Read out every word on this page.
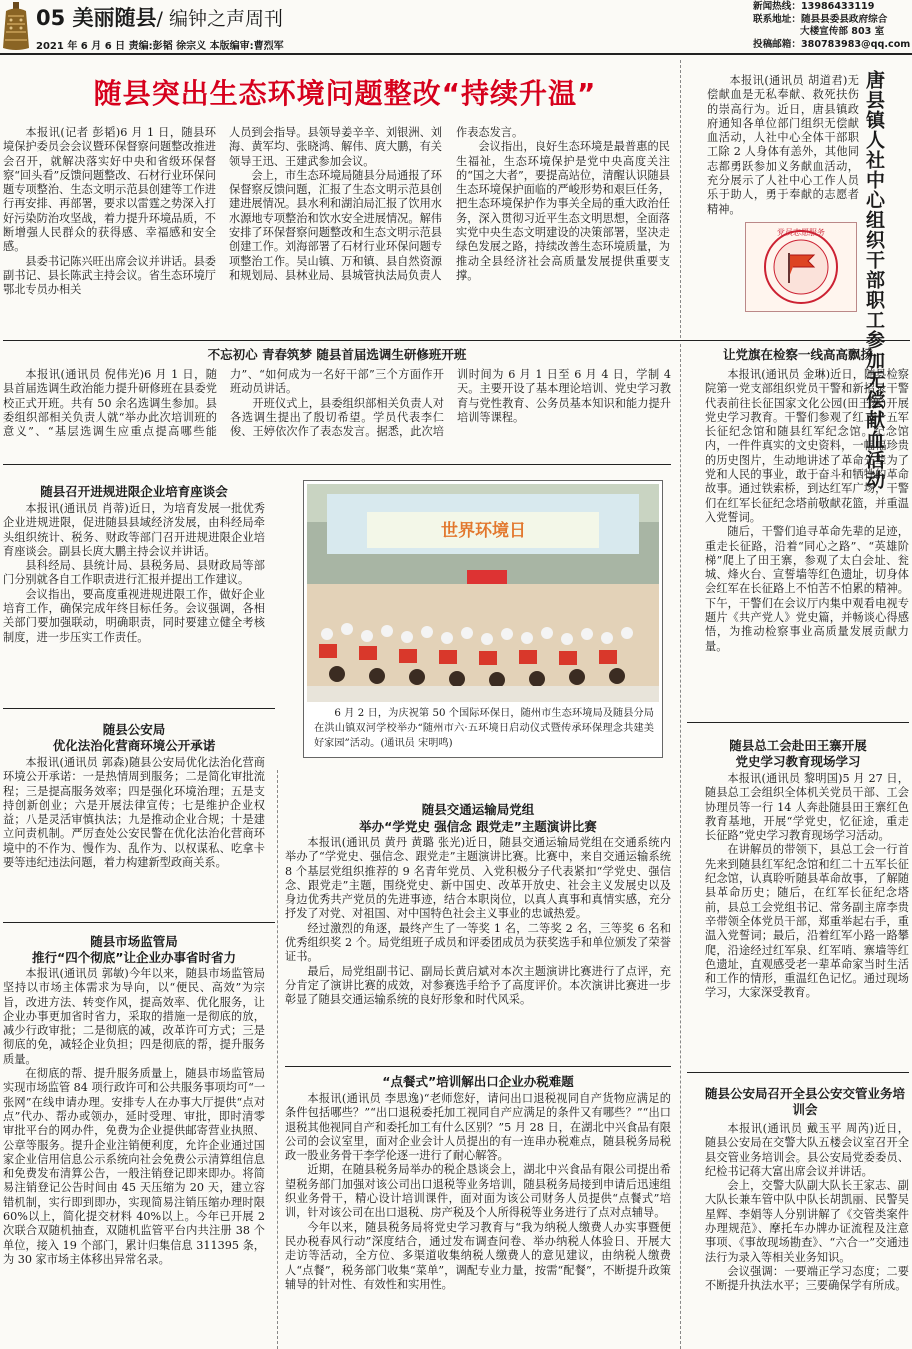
05 美丽随县/ 编钟之声周刊
2021 年 6 月 6 日 责编:彭韬 徐宗义 本版编审:曹烈军
新闻热线：13986433119
联系地址：随县县委县政府综合
大楼宣传部 803 室
投稿邮箱：380783983@qq.com
随县突出生态环境问题整改“持续升温”

本报讯(记者 彭韬)6 月 1 日，随县环境保护委员会会议暨环保督察问题整改推进会召开，就解决落实好中央和省级环保督察“回头看”反馈问题整改、石材行业环保问题专项整治、生态文明示范县创建等工作进行再安排、再部署，要求以雷霆之势深入打好污染防治攻坚战，着力提升环境品质，不断增强人民群众的获得感、幸福感和安全感。

县委书记陈兴旺出席会议并讲话。县委副书记、县长陈武主持会议。省生态环境厅鄂北专员办相关

人员到会指导。县领导姜辛辛、刘银洲、刘海、黄军均、张晓鸿、解伟、庹大鹏，有关领导王迅、王建武参加会议。

会上，市生态环境局随县分局通报了环保督察反馈问题，汇报了生态文明示范县创建进展情况。县水利和湖泊局汇报了饮用水水源地专项整治和饮水安全进展情况。解伟安排了环保督察问题整改和生态文明示范县创建工作。刘海部署了石材行业环保问题专项整治工作。吴山镇、万和镇、县自然资源和规划局、县林业局、县城管执法局负责人

作表态发言。

会议指出，良好生态环境是最普惠的民生福祉，生态环境保护是党中央高度关注的“国之大者”，要提高站位，清醒认识随县生态环境保护面临的严峻形势和艰巨任务，把生态环境保护作为事关全局的重大政治任务，深入贯彻习近平生态文明思想，全面落实党中央生态文明建设的决策部署，坚决走绿色发展之路，持续改善生态环境质量，为推动全县经济社会高质量发展提供重要支撑。	唐县镇人社中心组织干部职工参加无偿献血活动

本报讯(通讯员 胡道君)无偿献血是无私奉献、救死扶伤的崇高行为。近日，唐县镇政府通知各单位部门组织无偿献血活动，人社中心全体干部职工除 2 人身体有恙外，其他同志都勇跃参加义务献血活动，充分展示了人社中心工作人员乐于助人，勇于奉献的志愿者精神。

党员志愿服务
不忘初心 青春筑梦 随县首届选调生研修班开班

本报讯(通讯员 倪伟光)6 月 1 日，随县首届选调生政治能力提升研修班在县委党校正式开班。共有 50 余名选调生参加。县委组织部相关负责人就“举办此次培训班的意义”、“基层选调生应重点提高哪些能力”、“如何成为一名好干部”三个方面作开班动员讲话。

开班仪式上，县委组织部相关负责人对各选调生提出了殷切希望。学员代表李仁俊、王婷依次作了表态发言。据悉，此次培训时间为 6 月 1 日至 6 月 4 日，学制 4 天。主要开设了基本理论培训、党史学习教育与党性教育、公务员基本知识和能力提升培训等课程。

让党旗在检察一线高高飘扬

本报讯(通讯员 金琳)近日，随县检察院第一党支部组织党员干警和新招录干警代表前往长征国家文化公园(田王寨)开展党史学习教育。干警们参观了红二十五军长征纪念馆和随县红军纪念馆。纪念馆内，一件件真实的文史资料，一幅幅珍贵的历史图片，生动地讲述了革命先辈为了党和人民的事业，敢于奋斗和牺牲的革命故事。通过铁索桥，到达红军广场，干警们在红军长征纪念塔前敬献花篮，并重温入党誓词。

随后，干警们追寻革命先辈的足迹，重走长征路，沿着“同心之路”、“英雄阶梯”爬上了田王寨，参观了太白会址、瓮城、烽火台、宣誓墙等红色遗址，切身体会红军在长征路上不怕苦不怕累的精神。下午，干警们在会议厅内集中观看电视专题片《共产党人》党史篇，并畅谈心得感悟，为推动检察事业高质量发展贡献力量。

随县召开进规进限企业培育座谈会

本报讯(通讯员 肖蒂)近日，为培育发展一批优秀企业进规进限，促进随县县域经济发展，由科经局牵头组织统计、税务、财政等部门召开进规进限企业培育座谈会。副县长庹大鹏主持会议并讲话。

县科经局、县统计局、县税务局、县财政局等部门分别就各自工作职责进行汇报并提出工作建议。

会议指出，要高度重视进规进限工作，做好企业培育工作，确保完成年终目标任务。会议强调，各相关部门要加强联动，明确职责，同时要建立健全考核制度，进一步压实工作责任。

世界环境日
6 月 2 日，为庆祝第 50 个国际环保日，随州市生态环境局及随县分局在洪山镇双河学校举办“随州市六·五环境日启动仪式暨传承环保理念共建美好家园”活动。(通讯员 宋明鸣)
随县公安局
优化法治化营商环境公开承诺

本报讯(通讯员 郭森)随县公安局优化法治化营商环境公开承诺：一是热情周到服务；二是简化审批流程；三是提高服务效率；四是强化环境治理；五是支持创新创业；六是开展法律宣传；七是维护企业权益；八是灵活审慎执法；九是推动企业合规；十是建立问责机制。严厉查处公安民警在优化法治化营商环境中的不作为、慢作为、乱作为、以权谋私、吃拿卡要等违纪违法问题，着力构建新型政商关系。

随县市场监管局
推行“四个彻底”让企业办事省时省力

本报讯(通讯员 郭敏)今年以来，随县市场监管局坚持以市场主体需求为导向，以“便民、高效”为宗旨，改进方法、转变作风，提高效率、优化服务，让企业办事更加省时省力，采取的措施一是彻底的放，减少行政审批；二是彻底的减，改革许可方式；三是彻底的免，减轻企业负担；四是彻底的帮，提升服务质量。

在彻底的帮、提升服务质量上，随县市场监管局实现市场监管 84 项行政许可和公共服务事项均可“一张网”在线申请办理。安排专人在办事大厅提供“点对点”代办、帮办或领办，延时受理、审批，即时清零审批平台的网办件，免费为企业提供邮寄营业执照、公章等服务。提升企业注销便利度，允许企业通过国家企业信用信息公示系统向社会免费公示清算组信息和免费发布清算公告，一般注销登记即来即办。将简易注销登记公告时间由 45 天压缩为 20 天，建立容错机制，实行即到即办，实现简易注销压缩办理时限 60%以上，简化提交材料 40%以上。今年已开展 2 次联合双随机抽查，双随机监管平台内共注册 38 个单位，接入 19 个部门，累计归集信息 311395 条，为 30 家市场主体移出异常名录。

随县交通运输局党组
举办“学党史 强信念 跟党走”主题演讲比赛

本报讯(通讯员 黄丹 黄璐 张光)近日，随县交通运输局党组在交通系统内举办了“学党史、强信念、跟党走”主题演讲比赛。比赛中，来自交通运输系统 8 个基层党组织推荐的 9 名青年党员、入党积极分子代表紧扣“学党史、强信念、跟党走”主题，围绕党史、新中国史、改革开放史、社会主义发展史以及身边优秀共产党员的先进事迹，结合本职岗位，以真人真事和真情实感，充分抒发了对党、对祖国、对中国特色社会主义事业的忠诚热爱。

经过激烈的角逐，最终产生了一等奖 1 名，二等奖 2 名，三等奖 6 名和优秀组织奖 2 个。局党组班子成员和评委团成员为获奖选手和单位颁发了荣誉证书。

最后，局党组副书记、副局长黄启斌对本次主题演讲比赛进行了点评，充分肯定了演讲比赛的成效，对参赛选手给予了高度评价。本次演讲比赛进一步彰显了随县交通运输系统的良好形象和时代风采。

“点餐式”培训解出口企业办税难题

本报讯(通讯员 李思逸)“老师您好，请问出口退税视同自产货物应满足的条件包括哪些？”“出口退税委托加工视同自产应满足的条件又有哪些？”“出口退税其他视同自产和委托加工有什么区别？”5 月 28 日，在湖北中兴食品有限公司的会议室里，面对企业会计人员提出的有一连串办税难点，随县税务局税政一股业务骨干李学伦逐一进行了耐心解答。

近期，在随县税务局举办的税企恳谈会上，湖北中兴食品有限公司提出希望税务部门加强对该公司出口退税等业务培训，随县税务局接到申请后迅速组织业务骨干，精心设计培训课件，面对面为该公司财务人员提供“点餐式”培训，针对该公司在出口退税、房产税及个人所得税等业务进行了点对点辅导。

今年以来，随县税务局将党史学习教育与“我为纳税人缴费人办实事暨便民办税春风行动”深度结合，通过发布调查问卷、举办纳税人体验日、开展大走访等活动，全方位、多渠道收集纳税人缴费人的意见建议，由纳税人缴费人“点餐”，税务部门收集“菜单”，调配专业力量，按需“配餐”，不断提升政策辅导的针对性、有效性和实用性。

随县总工会赴田王寨开展
党史学习教育现场学习

本报讯(通讯员 黎明国)5 月 27 日，随县总工会组织全体机关党员干部、工会协理员等一行 14 人奔赴随县田王寨红色教育基地，开展“学党史，忆征途，重走长征路”党史学习教育现场学习活动。

在讲解员的带领下，县总工会一行首先来到随县红军纪念馆和红二十五军长征纪念馆，认真聆听随县革命故事，了解随县革命历史；随后，在红军长征纪念塔前，县总工会党组书记、常务副主席李贵辛带领全体党员干部，郑重举起右手，重温入党誓词；最后，沿着红军小路一路攀爬，沿途经过红军泉、红军哨、寨墙等红色遗址，直观感受老一辈革命家当时生活和工作的情形，重温红色记忆。通过现场学习，大家深受教育。

随县公安局召开全县公安交管业务培训会

本报讯(通讯员 戴玉平 周芮)近日，随县公安局在交警大队五楼会议室召开全县交管业务培训会。县公安局党委委员、纪检书记蒋大富出席会议并讲话。

会上，交警大队副大队长王家志、副大队长兼车管中队中队长胡凯丽、民警吴星辉、李娟等人分别讲解了《交管类案件办理规范》、摩托车办牌办证流程及注意事项、《事故现场勘查》、“六合一”交通违法行为录入等相关业务知识。

会议强调：一要端正学习态度；二要不断提升执法水平；三要确保学有所成。
